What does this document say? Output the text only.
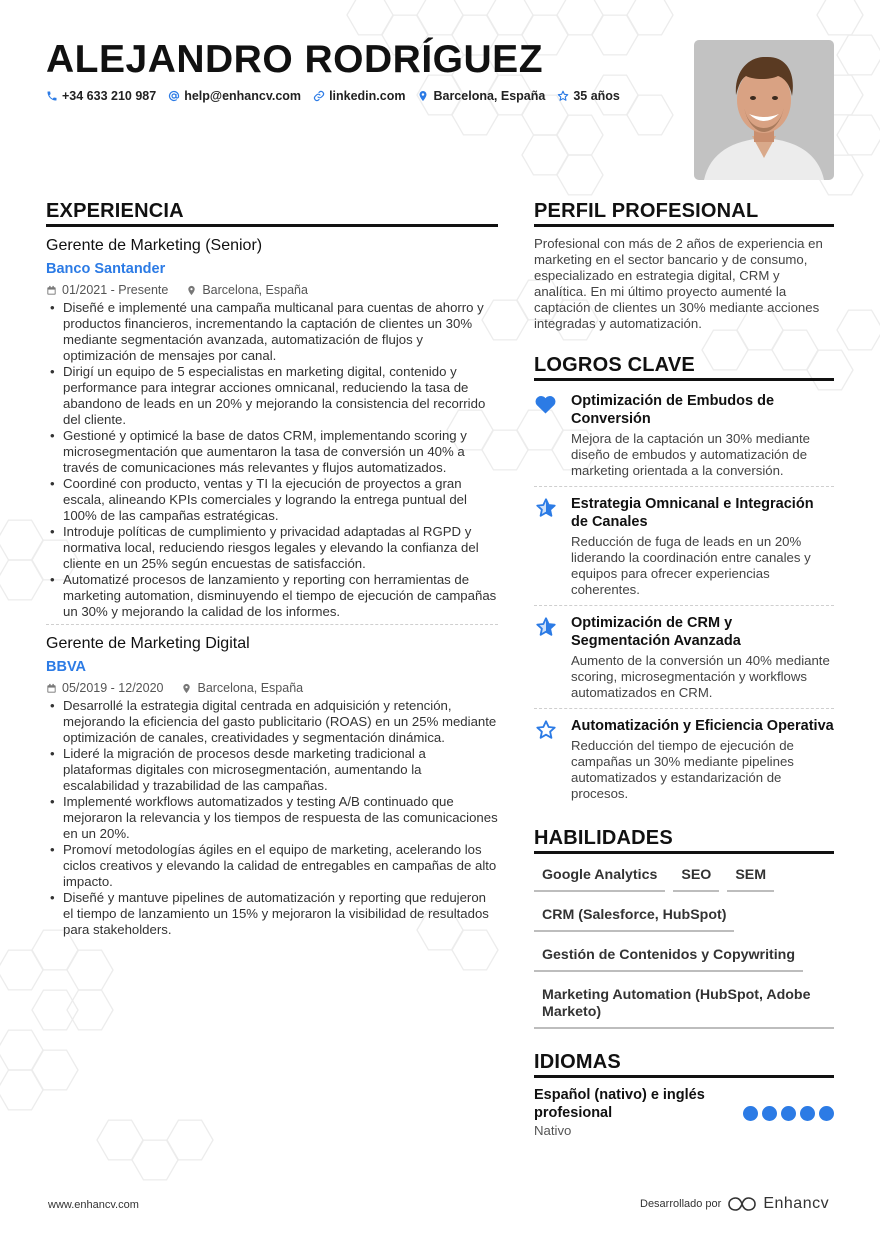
ALEJANDRO RODRÍGUEZ
+34 633 210 987 help@enhancv.com linkedin.com Barcelona, España 35 años
EXPERIENCIA
Gerente de Marketing (Senior)
Banco Santander
01/2021 - Presente	Barcelona, España
• Diseñé e implementé una campaña multicanal para cuentas de ahorro y productos financieros, incrementando la captación de clientes un 30% mediante segmentación avanzada, automatización de flujos y optimización de mensajes por canal.
• Dirigí un equipo de 5 especialistas en marketing digital, contenido y performance para integrar acciones omnicanal, reduciendo la tasa de abandono de leads en un 20% y mejorando la consistencia del recorrido del cliente.
• Gestioné y optimicé la base de datos CRM, implementando scoring y microsegmentación que aumentaron la tasa de conversión un 40% a través de comunicaciones más relevantes y flujos automatizados.
• Coordiné con producto, ventas y TI la ejecución de proyectos a gran escala, alineando KPIs comerciales y logrando la entrega puntual del 100% de las campañas estratégicas.
• Introduje políticas de cumplimiento y privacidad adaptadas al RGPD y normativa local, reduciendo riesgos legales y elevando la confianza del cliente en un 25% según encuestas de satisfacción.
• Automatizé procesos de lanzamiento y reporting con herramientas de marketing automation, disminuyendo el tiempo de ejecución de campañas un 30% y mejorando la calidad de los informes.
Gerente de Marketing Digital
BBVA
05/2019 - 12/2020	Barcelona, España
• Desarrollé la estrategia digital centrada en adquisición y retención, mejorando la eficiencia del gasto publicitario (ROAS) en un 25% mediante optimización de canales, creatividades y segmentación dinámica.
• Lideré la migración de procesos desde marketing tradicional a plataformas digitales con microsegmentación, aumentando la escalabilidad y trazabilidad de las campañas.
• Implementé workflows automatizados y testing A/B continuado que mejoraron la relevancia y los tiempos de respuesta de las comunicaciones en un 20%.
• Promoví metodologías ágiles en el equipo de marketing, acelerando los ciclos creativos y elevando la calidad de entregables en campañas de alto impacto.
• Diseñé y mantuve pipelines de automatización y reporting que redujeron el tiempo de lanzamiento un 15% y mejoraron la visibilidad de resultados para stakeholders.
PERFIL PROFESIONAL
Profesional con más de 2 años de experiencia en marketing en el sector bancario y de consumo, especializado en estrategia digital, CRM y analítica. En mi último proyecto aumenté la captación de clientes un 30% mediante acciones integradas y automatización.
LOGROS CLAVE
Optimización de Embudos de Conversión
Mejora de la captación un 30% mediante diseño de embudos y automatización de marketing orientada a la conversión.
Estrategia Omnicanal e Integración de Canales
Reducción de fuga de leads en un 20% liderando la coordinación entre canales y equipos para ofrecer experiencias coherentes.
Optimización de CRM y Segmentación Avanzada
Aumento de la conversión un 40% mediante scoring, microsegmentación y workflows automatizados en CRM.
Automatización y Eficiencia Operativa
Reducción del tiempo de ejecución de campañas un 30% mediante pipelines automatizados y estandarización de procesos.
HABILIDADES
Google Analytics	SEO	SEM
CRM (Salesforce, HubSpot)
Gestión de Contenidos y Copywriting
Marketing Automation (HubSpot, Adobe Marketo)
IDIOMAS
Español (nativo) e inglés profesional
Nativo
www.enhancv.com	Desarrollado por	Enhancv
